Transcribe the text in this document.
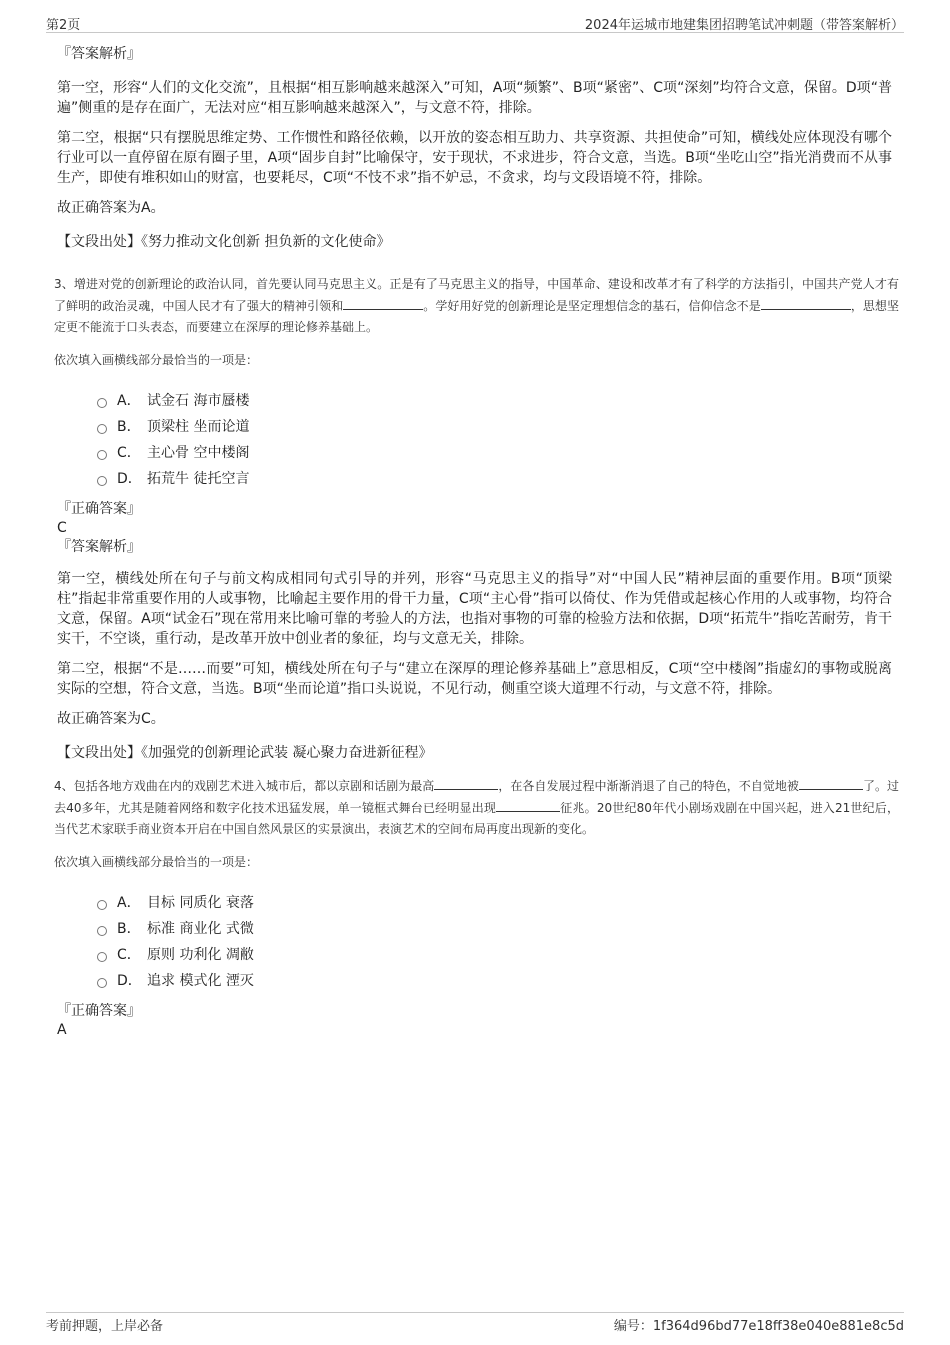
第2页	2024年运城市地建集团招聘笔试冲刺题（带答案解析）

『答案解析』

第一空，形容“人们的文化交流”，且根据“相互影响越来越深入”可知，A项“频繁”、B项“紧密”、C项“深刻”均符合文意，保留。D项“普遍”侧重的是存在面广，无法对应“相互影响越来越深入”，与文意不符，排除。

第二空，根据“只有摆脱思维定势、工作惯性和路径依赖，以开放的姿态相互助力、共享资源、共担使命”可知，横线处应体现没有哪个行业可以一直停留在原有圈子里，A项“固步自封”比喻保守，安于现状，不求进步，符合文意，当选。B项“坐吃山空”指光消费而不从事生产，即使有堆积如山的财富，也要耗尽，C项“不忮不求”指不妒忌，不贪求，均与文段语境不符，排除。

故正确答案为A。

【文段出处】《努力推动文化创新 担负新的文化使命》

3、增进对党的创新理论的政治认同，首先要认同马克思主义。正是有了马克思主义的指导，中国革命、建设和改革才有了科学的方法指引，中国共产党人才有了鲜明的政治灵魂，中国人民才有了强大的精神引领和	。学好用好党的创新理论是坚定理想信念的基石，信仰信念不是	，思想坚定更不能流于口头表态，而要建立在深厚的理论修养基础上。

依次填入画横线部分最恰当的一项是：

A． 试金石 海市蜃楼
B． 顶梁柱 坐而论道
C． 主心骨 空中楼阁
D． 拓荒牛 徒托空言

『正确答案』

C

『答案解析』

第一空，横线处所在句子与前文构成相同句式引导的并列，形容“马克思主义的指导”对“中国人民”精神层面的重要作用。B项“顶梁柱”指起非常重要作用的人或事物，比喻起主要作用的骨干力量，C项“主心骨”指可以倚仗、作为凭借或起核心作用的人或事物，均符合文意，保留。A项“试金石”现在常用来比喻可靠的考验人的方法，也指对事物的可靠的检验方法和依据，D项“拓荒牛”指吃苦耐劳，肯干实干，不空谈，重行动，是改革开放中创业者的象征，均与文意无关，排除。

第二空，根据“不是……而要”可知，横线处所在句子与“建立在深厚的理论修养基础上”意思相反，C项“空中楼阁”指虚幻的事物或脱离实际的空想，符合文意，当选。B项“坐而论道”指口头说说，不见行动，侧重空谈大道理不行动，与文意不符，排除。

故正确答案为C。

【文段出处】《加强党的创新理论武装 凝心聚力奋进新征程》

4、包括各地方戏曲在内的戏剧艺术进入城市后，都以京剧和话剧为最高	，在各自发展过程中渐渐消退了自己的特色，不自觉地被	了。过去40多年，尤其是随着网络和数字化技术迅猛发展，单一镜框式舞台已经明显出现	征兆。20世纪80年代小剧场戏剧在中国兴起，进入21世纪后，当代艺术家联手商业资本开启在中国自然风景区的实景演出，表演艺术的空间布局再度出现新的变化。

依次填入画横线部分最恰当的一项是：

A． 目标 同质化 衰落
B． 标准 商业化 式微
C． 原则 功利化 凋敝
D． 追求 模式化 湮灭

『正确答案』

A

考前押题，上岸必备	编号：1f364d96bd77e18ff38e040e881e8c5d
